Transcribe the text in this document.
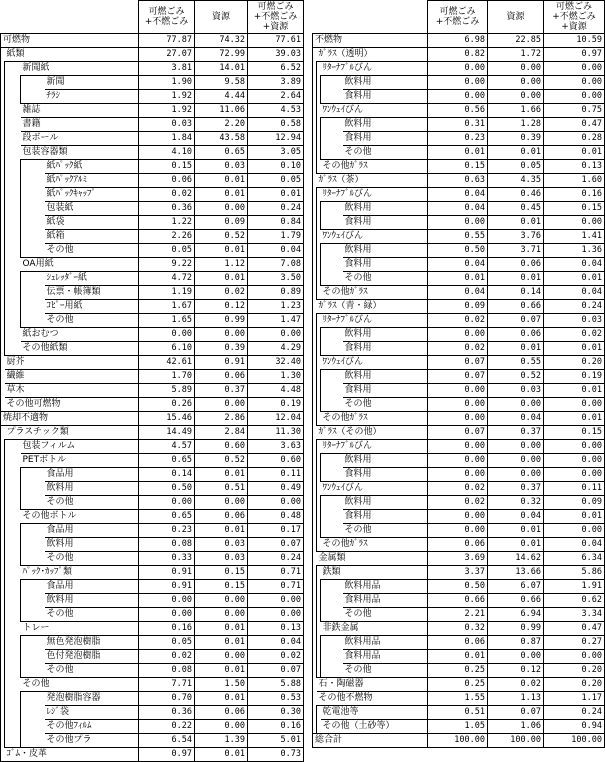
				可燃ごみ
+不燃ごみ	資源	可燃ごみ
+不燃ごみ
+資源

可燃物				77.87	74.32	77.61
	紙類			27.07	72.99	39.03
		新聞紙		3.81	14.01	6.52
			新聞	1.90	9.58	3.89
			ﾁﾗｼ	1.92	4.44	2.64
		雑誌		1.92	11.06	4.53
		書籍		0.03	2.20	0.58
		段ボール		1.84	43.58	12.94
		包装容器類		4.10	0.65	3.05
			紙ﾊﾟｯｸ紙	0.15	0.03	0.10
			紙ﾊﾟｯｸｱﾙﾐ	0.06	0.01	0.05
			紙ﾊﾟｯｸｷｬｯﾌﾟ	0.02	0.01	0.01
			包装紙	0.36	0.00	0.24
			紙袋	1.22	0.09	0.84
			紙箱	2.26	0.52	1.79
			その他	0.05	0.01	0.04
		OA用紙		9.22	1.12	7.08
			ｼｭﾚｯﾀﾞｰ紙	4.72	0.01	3.50
			伝票・帳簿類	1.19	0.02	0.89
			ｺﾋﾟｰ用紙	1.67	0.12	1.23
			その他	1.65	0.99	1.47
		紙おむつ		0.00	0.00	0.00
		その他紙類		6.10	0.39	4.29
	厨芥			42.61	0.91	32.40
	繊維			1.70	0.06	1.30
	草木			5.89	0.37	4.48
	その他可燃物			0.26	0.00	0.19
焼却不適物				15.46	2.86	12.04
	プラスチック類			14.49	2.84	11.30
		包装フィルム		4.57	0.60	3.63
		PETボトル		0.65	0.52	0.60
			食品用	0.14	0.01	0.11
			飲料用	0.50	0.51	0.49
			その他	0.00	0.00	0.00
		その他ボトル		0.65	0.06	0.48
			食品用	0.23	0.01	0.17
			飲料用	0.08	0.03	0.07
			その他	0.33	0.03	0.24
		ﾊﾟｯｸ･ｶｯﾌﾟ類		0.91	0.15	0.71
			食品用	0.91	0.15	0.71
			飲料用	0.00	0.00	0.00
			その他	0.00	0.00	0.00
		トレー		0.16	0.01	0.13
			無色発泡樹脂	0.05	0.01	0.04
			色付発泡樹脂	0.02	0.00	0.02
			その他	0.08	0.01	0.07
		その他		7.71	1.50	5.88
			発泡樹脂容器	0.70	0.01	0.53
			ﾚｼﾞ袋	0.36	0.06	0.30
			その他ﾌｨﾙﾑ	0.22	0.00	0.16
			その他プラ	6.54	1.39	5.01
	ｺﾞﾑ・皮革			0.97	0.01	0.73

				可燃ごみ
+不燃ごみ	資源	可燃ごみ
+不燃ごみ
+資源

不燃物				6.98	22.85	10.59
	ｶﾞﾗｽ（透明）			0.82	1.72	0.97
		ﾘﾀｰﾅﾌﾞﾙびん		0.00	0.00	0.00
			飲料用	0.00	0.00	0.00
			食料用	0.00	0.00	0.00
		ﾜﾝｳｪｲびん		0.56	1.66	0.75
			飲料用	0.31	1.28	0.47
			食料用	0.23	0.39	0.28
			その他	0.01	0.01	0.01
		その他ｶﾞﾗｽ		0.15	0.05	0.13
	ｶﾞﾗｽ（茶）			0.63	4.35	1.60
		ﾘﾀｰﾅﾌﾞﾙびん		0.04	0.46	0.16
			飲料用	0.04	0.45	0.15
			食料用	0.00	0.01	0.00
		ﾜﾝｳｪｲびん		0.55	3.76	1.41
			飲料用	0.50	3.71	1.36
			食料用	0.04	0.06	0.04
			その他	0.01	0.01	0.01
		その他ｶﾞﾗｽ		0.04	0.14	0.04
	ｶﾞﾗｽ（青・緑）			0.09	0.66	0.24
		ﾘﾀｰﾅﾌﾞﾙびん		0.02	0.07	0.03
			飲料用	0.00	0.06	0.02
			食料用	0.02	0.01	0.01
		ﾜﾝｳｪｲびん		0.07	0.55	0.20
			飲料用	0.07	0.52	0.19
			食料用	0.00	0.03	0.01
			その他	0.00	0.00	0.00
		その他ｶﾞﾗｽ		0.00	0.04	0.01
	ｶﾞﾗｽ（その他）			0.07	0.37	0.15
		ﾘﾀｰﾅﾌﾞﾙびん		0.00	0.00	0.00
			飲料用	0.00	0.00	0.00
			食料用	0.00	0.00	0.00
		ﾜﾝｳｪｲびん		0.02	0.37	0.11
			飲料用	0.02	0.32	0.09
			食料用	0.00	0.04	0.01
			その他	0.00	0.01	0.00
		その他ｶﾞﾗｽ		0.06	0.01	0.04
	金属類			3.69	14.62	6.34
		鉄類		3.37	13.66	5.86
			飲料用品	0.50	6.07	1.91
			食料用品	0.66	0.66	0.62
			その他	2.21	6.94	3.34
		非鉄金属		0.32	0.99	0.47
			飲料用品	0.06	0.87	0.27
			食料用品	0.01	0.00	0.00
			その他	0.25	0.12	0.20
	石・陶磁器			0.25	0.02	0.20
	その他不燃物			1.55	1.13	1.17
		乾電池等		0.51	0.07	0.24
		その他（土砂等）		1.05	1.06	0.94
総合計				100.00	100.00	100.00
